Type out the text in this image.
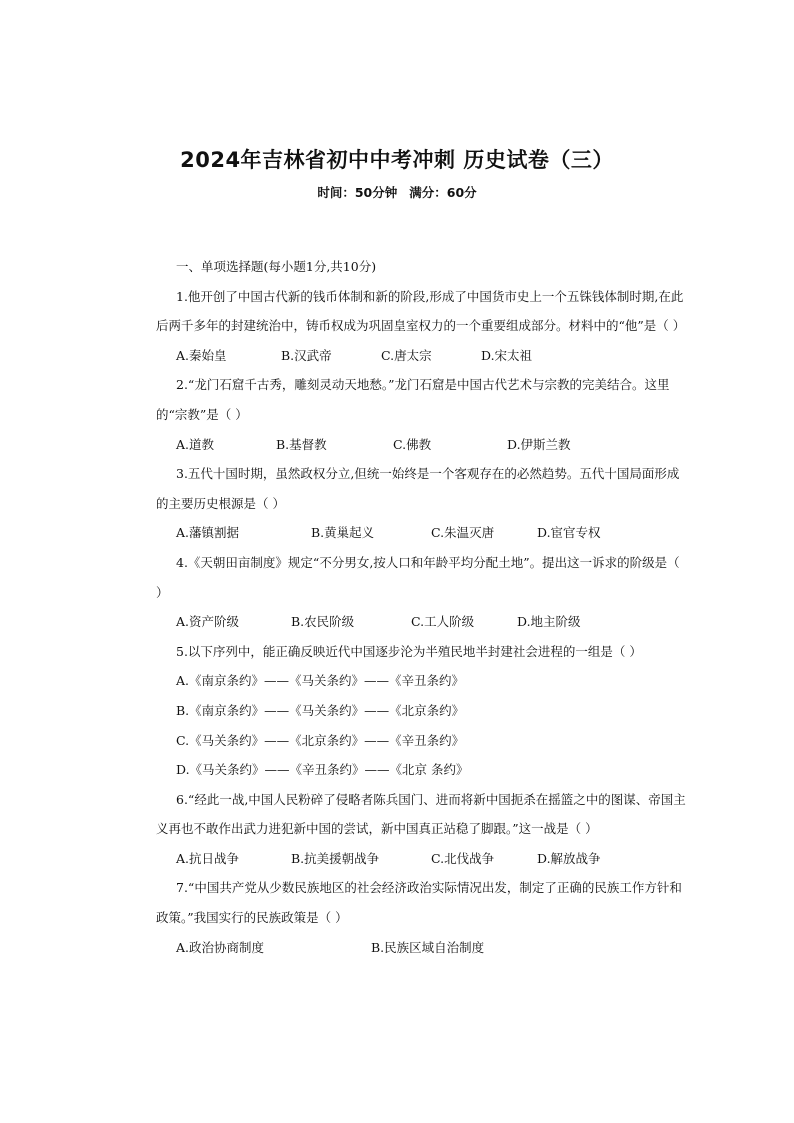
2024年吉林省初中中考冲刺 历史试卷（三）
时间：50分钟 满分：60分

一、单项选择题(每小题1分,共10分)

1.他开创了中国古代新的钱币体制和新的阶段,形成了中国货市史上一个五铢钱体制时期,在此后两千多年的封建统治中，铸币权成为巩固皇室权力的一个重要组成部分。材料中的“他”是（ ）

A.秦始皇	B.汉武帝	C.唐太宗	D.宋太祖

2.“龙门石窟千古秀，雕刻灵动天地愁。”龙门石窟是中国古代艺术与宗教的完美结合。这里的“宗教”是（ ）

A.道教	B.基督教	C.佛教	D.伊斯兰教

3.五代十国时期，虽然政权分立,但统一始终是一个客观存在的必然趋势。五代十国局面形成的主要历史根源是（ ）

A.藩镇割据	B.黄巢起义	C.朱温灭唐	D.宦官专权

4.《天朝田亩制度》规定“不分男女,按人口和年龄平均分配土地”。提出这一诉求的阶级是（ ）

A.资产阶级	B.农民阶级	C.工人阶级	D.地主阶级

5.以下序列中，能正确反映近代中国逐步沦为半殖民地半封建社会进程的一组是（ ）

A.《南京条约》——《马关条约》——《辛丑条约》

B.《南京条约》——《马关条约》——《北京条约》

C.《马关条约》——《北京条约》——《辛丑条约》

D.《马关条约》——《辛丑条约》——《北京 条约》

6.“经此一战,中国人民粉碎了侵略者陈兵国门、进而将新中国扼杀在摇篮之中的图谋、帝国主义再也不敢作出武力进犯新中国的尝试，新中国真正站稳了脚跟。”这一战是（ ）

A.抗日战争	B.抗美援朝战争	C.北伐战争	D.解放战争

7.“中国共产党从少数民族地区的社会经济政治实际情况出发，制定了正确的民族工作方针和政策。”我国实行的民族政策是（ ）

A.政治协商制度	B.民族区域自治制度
